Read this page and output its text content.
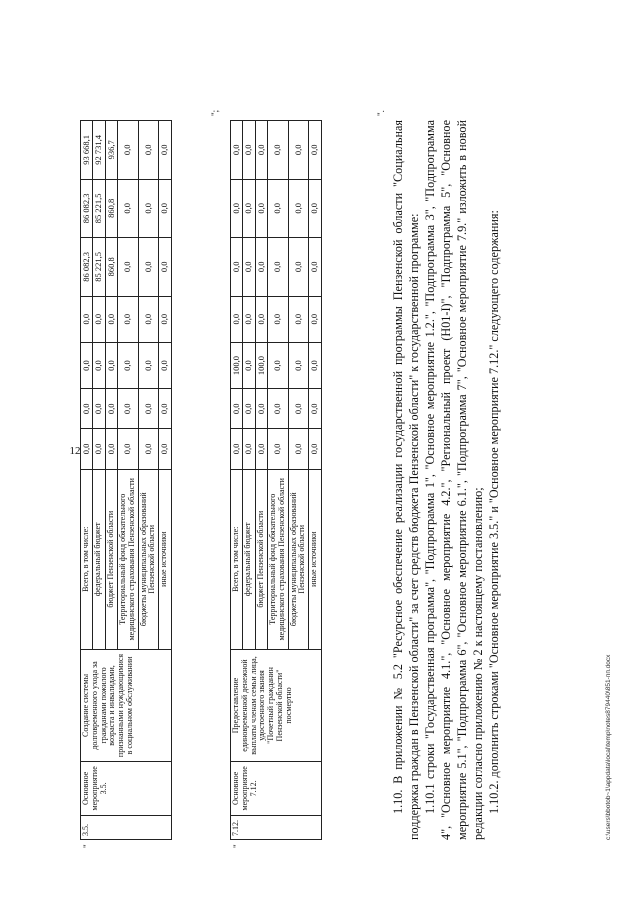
12
"
3.5.	Основное мероприятие 3.5.	Создание системы долговременного ухода за гражданами пожилого возраста и инвалидами, признанными нуждающимися в социальном обслуживании	Всего, в том числе:	0,0	0,0	0,0	0,0	86 082,3	86 082,3	93 668,1
			федеральный бюджет	0,0	0,0	0,0	0,0	85 221,5	85 221,5	92 731,4
			бюджет Пензенской области	0,0	0,0	0,0	0,0	860,8	860,8	936,7
			Территориальный фонд обязательного медицинского страхования Пензенской области	0,0	0,0	0,0	0,0	0,0	0,0	0,0
			бюджеты муниципальных образований Пензенской области	0,0	0,0	0,0	0,0	0,0	0,0	0,0
			иные источники	0,0	0,0	0,0	0,0	0,0	0,0	0,0
";
"
7.12.	Основное мероприятие 7.12.	Предоставление единовременной денежной выплаты членам семьи лица, удостоенного звания "Почетный гражданин Пензенской области" посмертно	Всего, в том числе:	0,0	0,0	100,0	0,0	0,0	0,0	0,0
			федеральный бюджет	0,0	0,0	0,0	0,0	0,0	0,0	0,0
			бюджет Пензенской области	0,0	0,0	100,0	0,0	0,0	0,0	0,0
			Территориальный фонд обязательного медицинского страхования Пензенской области	0,0	0,0	0,0	0,0	0,0	0,0	0,0
			бюджеты муниципальных образований Пензенской области	0,0	0,0	0,0	0,0	0,0	0,0	0,0
			иные источники	0,0	0,0	0,0	0,0	0,0	0,0	0,0
".

1.10. В приложении № 5.2 "Ресурсное обеспечение реализации государственной программы Пензенской области "Социальная поддержка граждан в Пензенской области" за счет средств бюджета Пензенской области" к государственной программе: 1.10.1 строки "Государственная программа", "Подпрограмма 1", "Основное мероприятие 1.2.", "Подпрограмма 3", "Подпрограмма 4", "Основное мероприятие 4.1.", "Основное мероприятие 4.2.", "Региональный проект (Н01-I)", "Подпрограмма 5", "Основное мероприятие 5.1", "Подпрограмма 6", "Основное мероприятие 6.1.", "Подпрограмма 7", "Основное мероприятие 7.9." изложить в новой редакции согласно приложению № 2 к настоящему постановлению; 1.10.2. дополнить строками "Основное мероприятие 3.5." и "Основное мероприятие 7.12." следующего содержания:	c:\users\bbotob~1\appdata\local\temp\notes879440\851-пп.docx
